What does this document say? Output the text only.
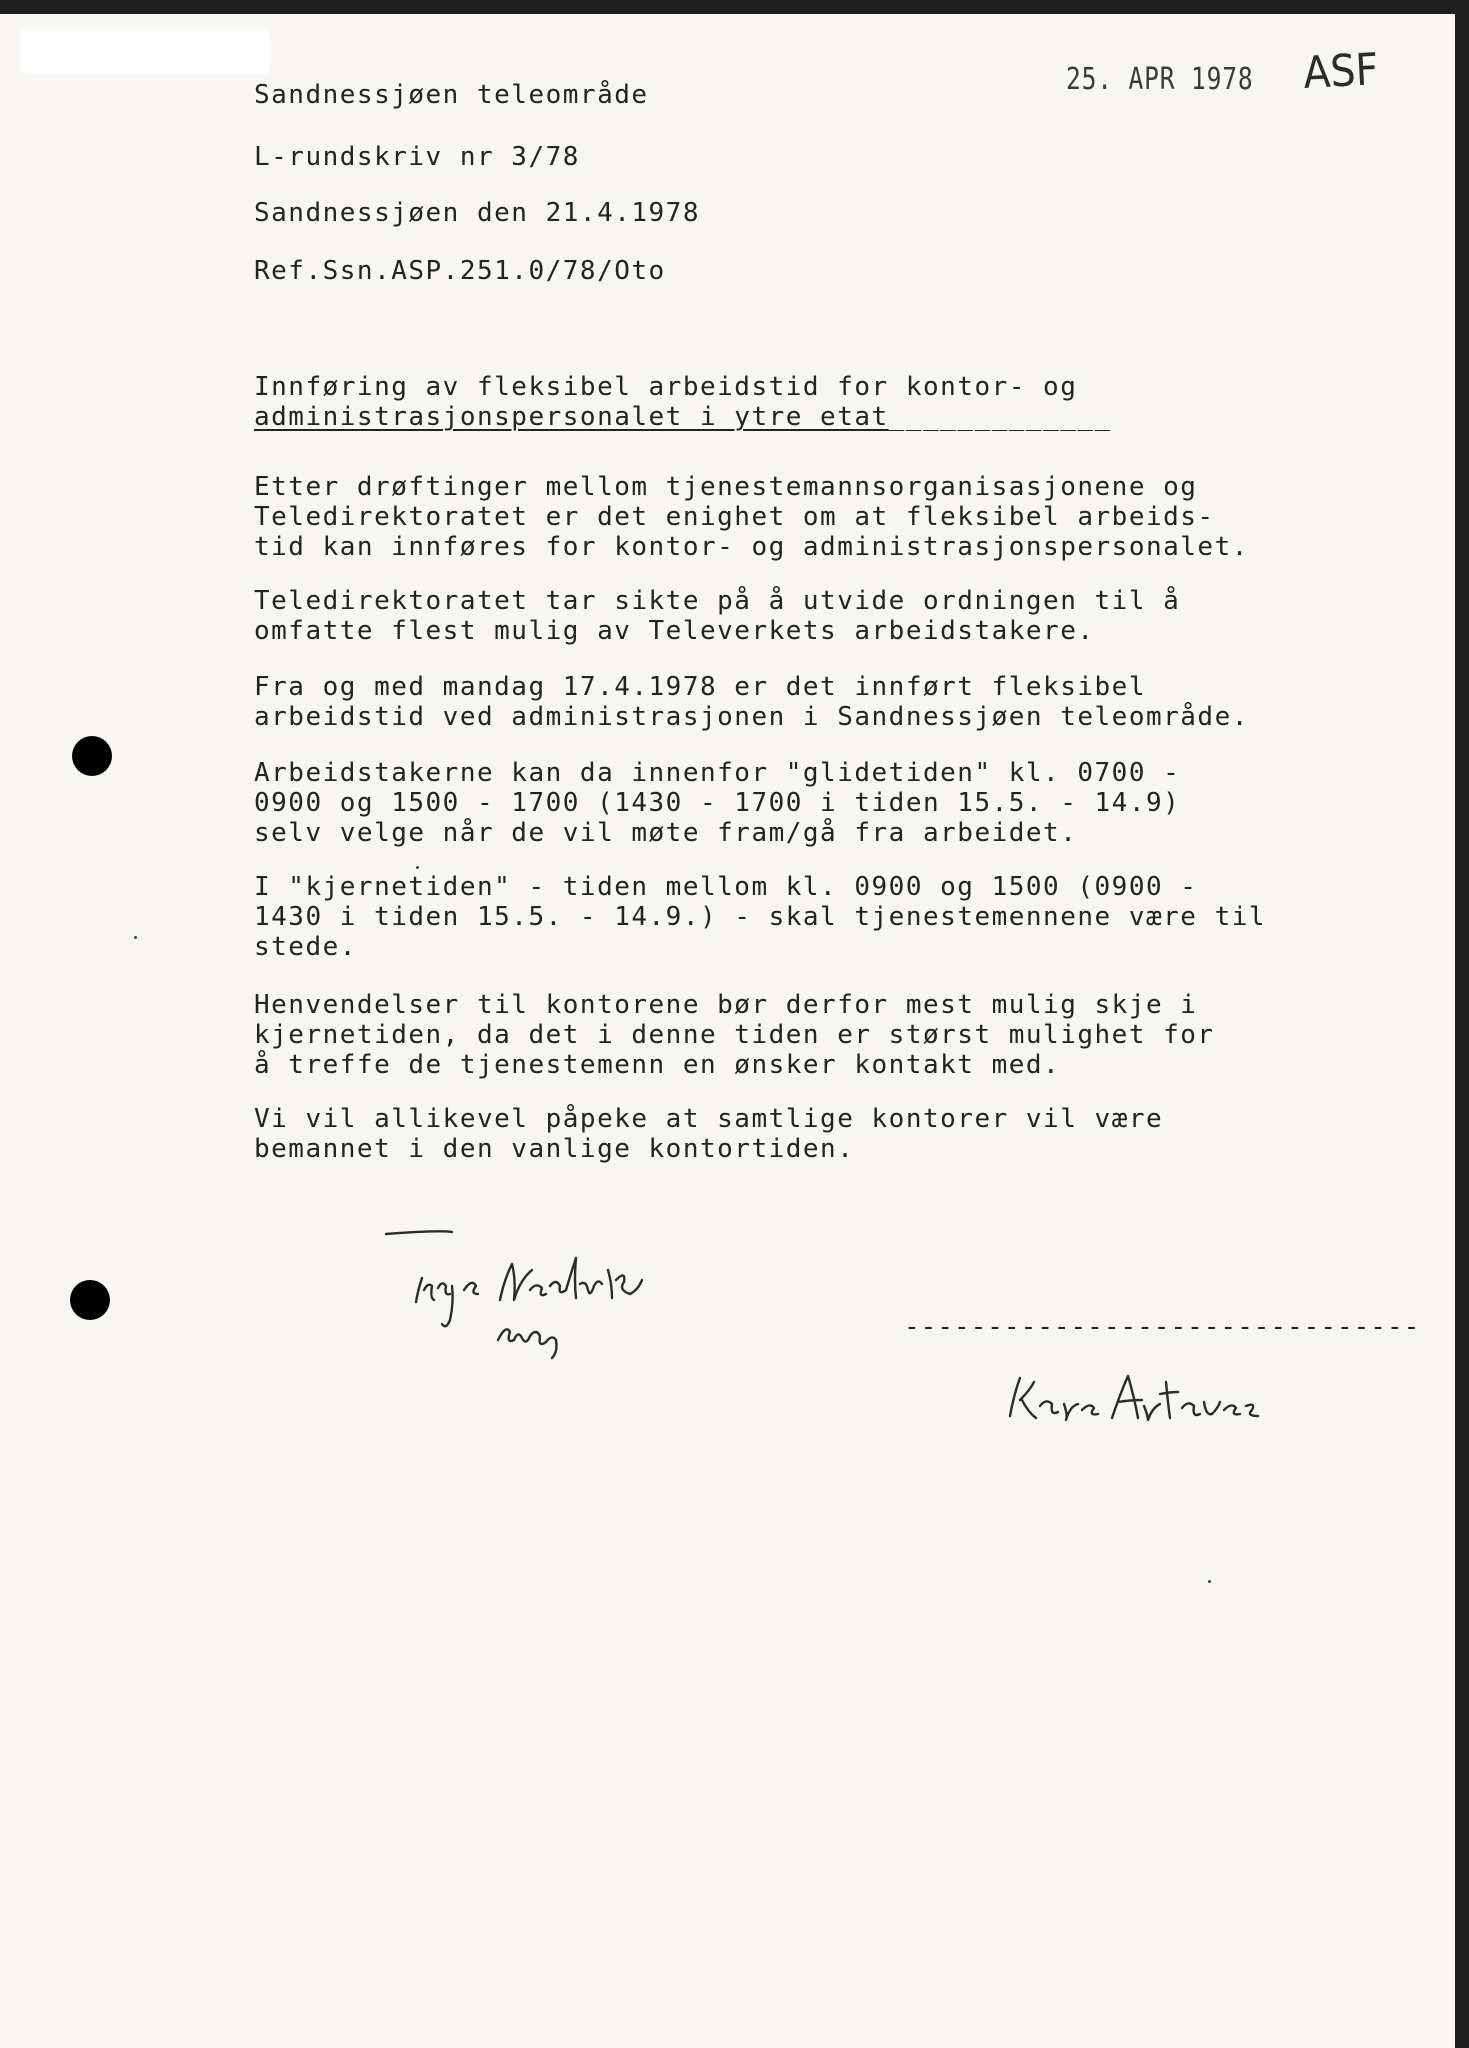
25. APR 1978 ASF

Sandnessjøen teleområde

L-rundskriv nr 3/78

Sandnessjøen den 21.4.1978

Ref.Ssn.ASP.251.0/78/Oto

Innføring av fleksibel arbeidstid for kontor- og

administrasjonspersonalet i ytre etat_____________

Etter drøftinger mellom tjenestemannsorganisasjonene og
Teledirektoratet er det enighet om at fleksibel arbeids-
tid kan innføres for kontor- og administrasjonspersonalet.

Teledirektoratet tar sikte på å utvide ordningen til å
omfatte flest mulig av Televerkets arbeidstakere.

Fra og med mandag 17.4.1978 er det innført fleksibel
arbeidstid ved administrasjonen i Sandnessjøen teleområde.

Arbeidstakerne kan da innenfor "glidetiden" kl. 0700 -
0900 og 1500 - 1700 (1430 - 1700 i tiden 15.5. - 14.9)
selv velge når de vil møte fram/gå fra arbeidet.

I "kjernetiden" - tiden mellom kl. 0900 og 1500 (0900 -
1430 i tiden 15.5. - 14.9.) - skal tjenestemennene være til
stede.

Henvendelser til kontorene bør derfor mest mulig skje i
kjernetiden, da det i denne tiden er størst mulighet for
å treffe de tjenestemenn en ønsker kontakt med.

Vi vil allikevel påpeke at samtlige kontorer vil være
bemannet i den vanlige kontortiden.

-------------------------------
